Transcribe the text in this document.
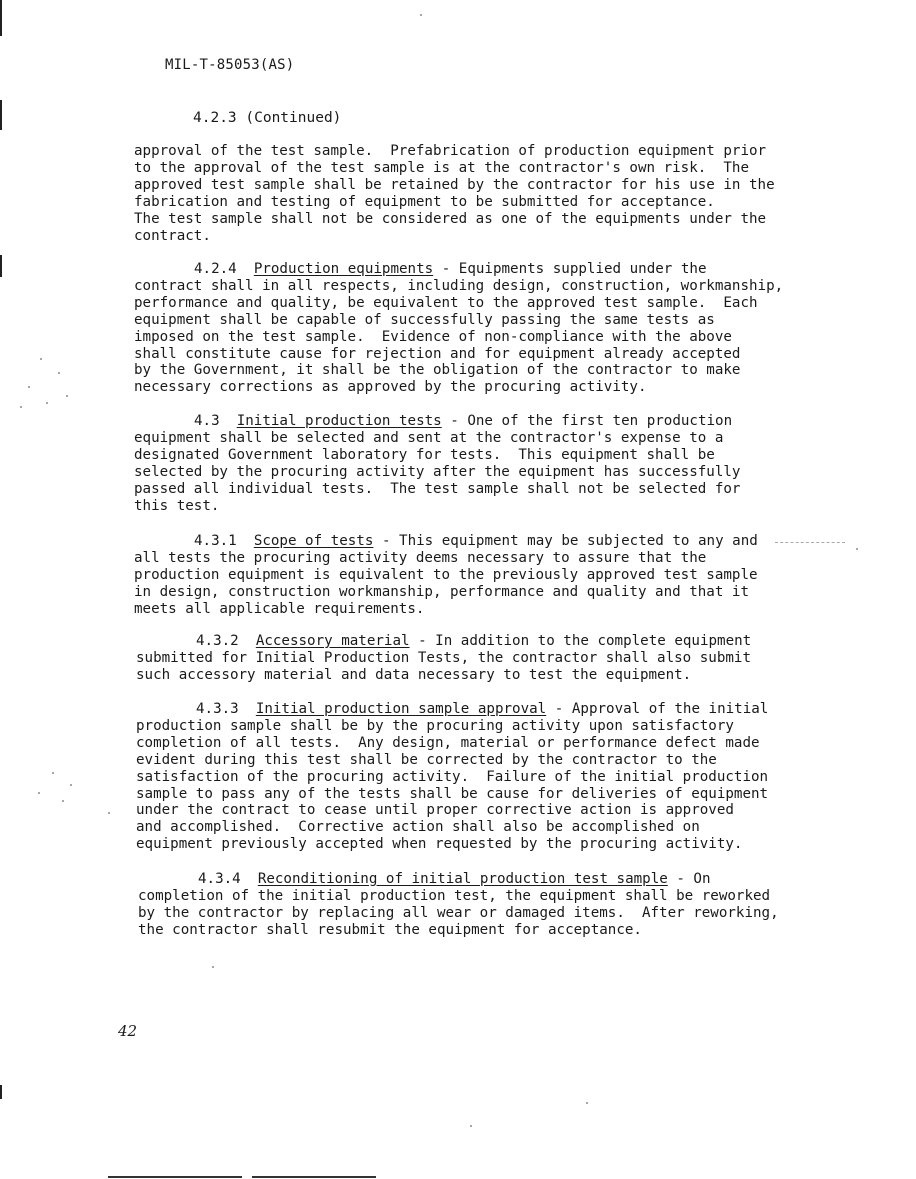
MIL-T-85053(AS)
4.2.3 (Continued)
approval of the test sample.  Prefabrication of production equipment prior
to the approval of the test sample is at the contractor's own risk.  The
approved test sample shall be retained by the contractor for his use in the
fabrication and testing of equipment to be submitted for acceptance.
The test sample shall not be considered as one of the equipments under the
contract.
4.2.4 Production equipments - Equipments supplied under the
contract shall in all respects, including design, construction, workmanship,
performance and quality, be equivalent to the approved test sample.  Each
equipment shall be capable of successfully passing the same tests as
imposed on the test sample.  Evidence of non-compliance with the above
shall constitute cause for rejection and for equipment already accepted
by the Government, it shall be the obligation of the contractor to make
necessary corrections as approved by the procuring activity.
4.3 Initial production tests - One of the first ten production
equipment shall be selected and sent at the contractor's expense to a
designated Government laboratory for tests.  This equipment shall be
selected by the procuring activity after the equipment has successfully
passed all individual tests.  The test sample shall not be selected for
this test.
4.3.1 Scope of tests - This equipment may be subjected to any and
all tests the procuring activity deems necessary to assure that the
production equipment is equivalent to the previously approved test sample
in design, construction workmanship, performance and quality and that it
meets all applicable requirements.
4.3.2 Accessory material - In addition to the complete equipment
submitted for Initial Production Tests, the contractor shall also submit
such accessory material and data necessary to test the equipment.
4.3.3 Initial production sample approval - Approval of the initial
production sample shall be by the procuring activity upon satisfactory
completion of all tests.  Any design, material or performance defect made
evident during this test shall be corrected by the contractor to the
satisfaction of the procuring activity.  Failure of the initial production
sample to pass any of the tests shall be cause for deliveries of equipment
under the contract to cease until proper corrective action is approved
and accomplished.  Corrective action shall also be accomplished on
equipment previously accepted when requested by the procuring activity.
4.3.4 Reconditioning of initial production test sample - On
completion of the initial production test, the equipment shall be reworked
by the contractor by replacing all wear or damaged items.  After reworking,
the contractor shall resubmit the equipment for acceptance.
42
